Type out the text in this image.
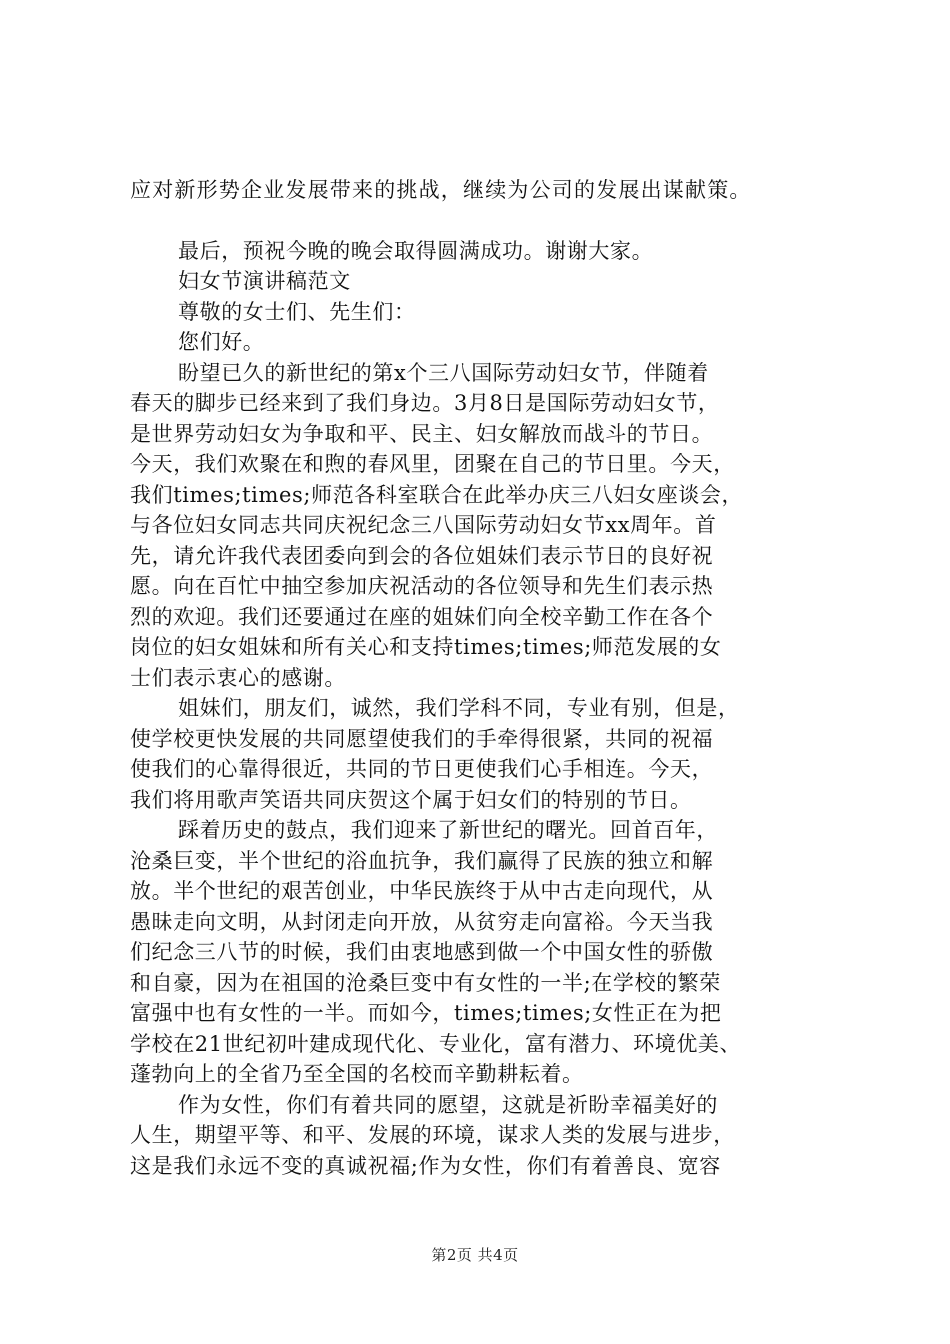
应对新形势企业发展带来的挑战，继续为公司的发展出谋献策。
最后，预祝今晚的晚会取得圆满成功。谢谢大家。
妇女节演讲稿范文
尊敬的女士们、先生们：
您们好。
盼望已久的新世纪的第x个三八国际劳动妇女节，伴随着
春天的脚步已经来到了我们身边。3月8日是国际劳动妇女节，
是世界劳动妇女为争取和平、民主、妇女解放而战斗的节日。
今天，我们欢聚在和煦的春风里，团聚在自己的节日里。今天，
我们times;times;师范各科室联合在此举办庆三八妇女座谈会，
与各位妇女同志共同庆祝纪念三八国际劳动妇女节xx周年。首
先，请允许我代表团委向到会的各位姐妹们表示节日的良好祝
愿。向在百忙中抽空参加庆祝活动的各位领导和先生们表示热
烈的欢迎。我们还要通过在座的姐妹们向全校辛勤工作在各个
岗位的妇女姐妹和所有关心和支持times;times;师范发展的女
士们表示衷心的感谢。
姐妹们，朋友们，诚然，我们学科不同，专业有别，但是，
使学校更快发展的共同愿望使我们的手牵得很紧，共同的祝福
使我们的心靠得很近，共同的节日更使我们心手相连。今天，
我们将用歌声笑语共同庆贺这个属于妇女们的特别的节日。
踩着历史的鼓点，我们迎来了新世纪的曙光。回首百年，
沧桑巨变，半个世纪的浴血抗争，我们赢得了民族的独立和解
放。半个世纪的艰苦创业，中华民族终于从中古走向现代，从
愚昧走向文明，从封闭走向开放，从贫穷走向富裕。今天当我
们纪念三八节的时候，我们由衷地感到做一个中国女性的骄傲
和自豪，因为在祖国的沧桑巨变中有女性的一半;在学校的繁荣
富强中也有女性的一半。而如今，times;times;女性正在为把
学校在21世纪初叶建成现代化、专业化，富有潜力、环境优美、
蓬勃向上的全省乃至全国的名校而辛勤耕耘着。
作为女性，你们有着共同的愿望，这就是祈盼幸福美好的
人生，期望平等、和平、发展的环境，谋求人类的发展与进步，
这是我们永远不变的真诚祝福;作为女性，你们有着善良、宽容
第2页 共4页
